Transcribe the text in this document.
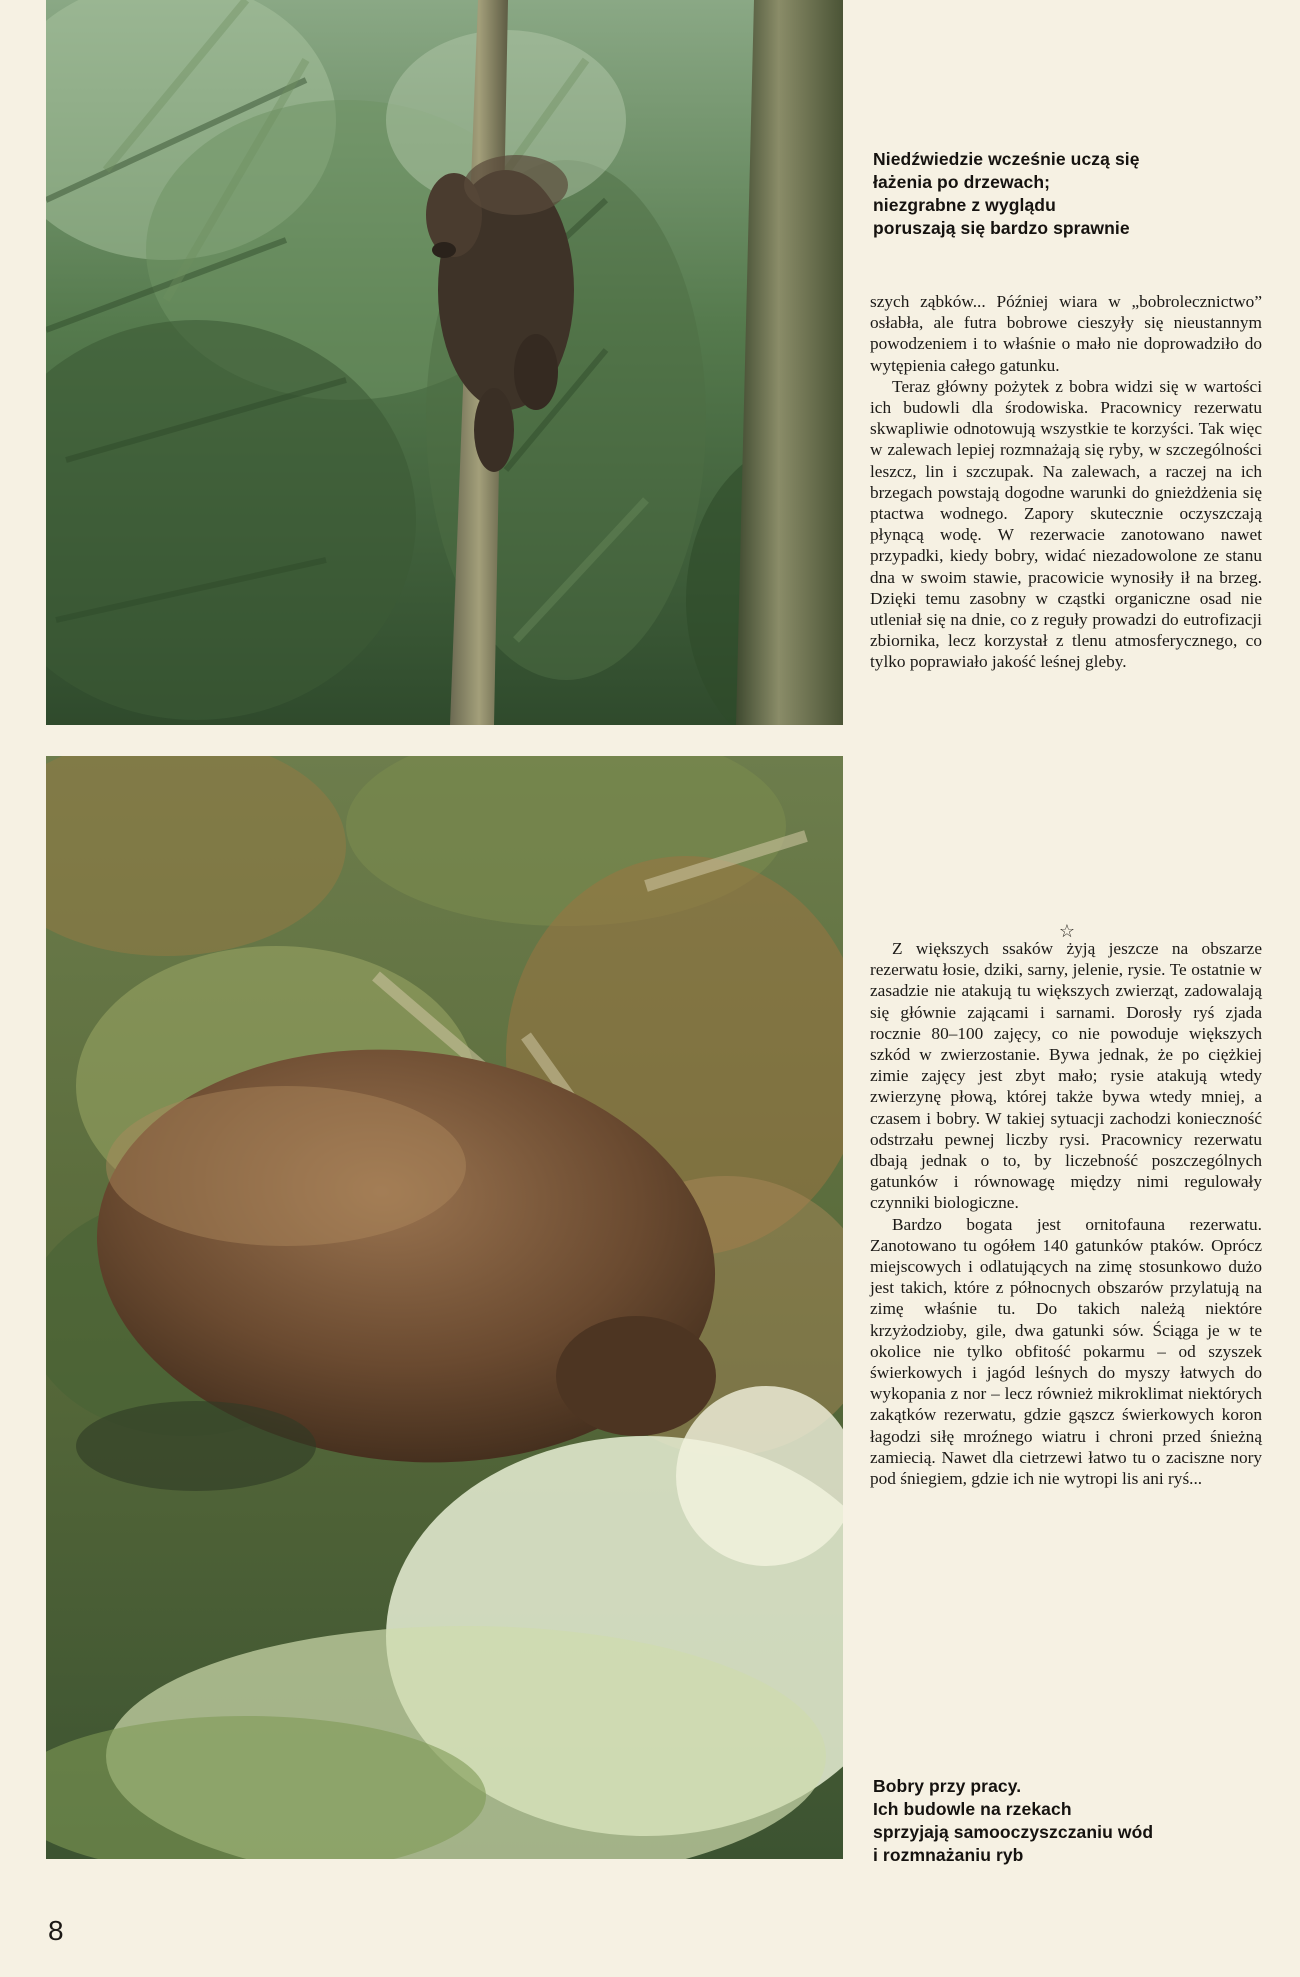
Niedźwiedzie wcześnie uczą się
łażenia po drzewach;
niezgrabne z wyglądu
poruszają się bardzo sprawnie

szych ząbków... Później wiara w „bobrolecznictwo” osłabła, ale futra bobrowe cieszyły się nieustannym powodzeniem i to właśnie o mało nie doprowadziło do wytępienia całego gatunku.

Teraz główny pożytek z bobra widzi się w wartości ich budowli dla środowiska. Pracownicy rezerwatu skwapliwie odnotowują wszystkie te korzyści. Tak więc w zalewach lepiej rozmnażają się ryby, w szczególności leszcz, lin i szczupak. Na zalewach, a raczej na ich brzegach powstają dogodne warunki do gnieżdżenia się ptactwa wodnego. Zapory skutecznie oczyszczają płynącą wodę. W rezerwacie zanotowano nawet przypadki, kiedy bobry, widać niezadowolone ze stanu dna w swoim stawie, pracowicie wynosiły ił na brzeg. Dzięki temu zasobny w cząstki organiczne osad nie utleniał się na dnie, co z reguły prowadzi do eutrofizacji zbiornika, lecz korzystał z tlenu atmosferycznego, co tylko poprawiało jakość leśnej gleby.

☆

Z większych ssaków żyją jeszcze na obszarze rezerwatu łosie, dziki, sarny, jelenie, rysie. Te ostatnie w zasadzie nie atakują tu większych zwierząt, zadowalają się głównie zającami i sarnami. Dorosły ryś zjada rocznie 80–100 zajęcy, co nie powoduje większych szkód w zwierzostanie. Bywa jednak, że po ciężkiej zimie zajęcy jest zbyt mało; rysie atakują wtedy zwierzynę płową, której także bywa wtedy mniej, a czasem i bobry. W takiej sytuacji zachodzi konieczność odstrzału pewnej liczby rysi. Pracownicy rezerwatu dbają jednak o to, by liczebność poszczególnych gatunków i równowagę między nimi regulowały czynniki biologiczne.

Bardzo bogata jest ornitofauna rezerwatu. Zanotowano tu ogółem 140 gatunków ptaków. Oprócz miejscowych i odlatujących na zimę stosunkowo dużo jest takich, które z północnych obszarów przylatują na zimę właśnie tu. Do takich należą niektóre krzyżodzioby, gile, dwa gatunki sów. Ściąga je w te okolice nie tylko obfitość pokarmu – od szyszek świerkowych i jagód leśnych do myszy łatwych do wykopania z nor – lecz również mikroklimat niektórych zakątków rezerwatu, gdzie gąszcz świerkowych koron łagodzi siłę mroźnego wiatru i chroni przed śnieżną zamiecią. Nawet dla cietrzewi łatwo tu o zaciszne nory pod śniegiem, gdzie ich nie wytropi lis ani ryś...

Bobry przy pracy.
Ich budowle na rzekach
sprzyjają samooczyszczaniu wód
i rozmnażaniu ryb
8
